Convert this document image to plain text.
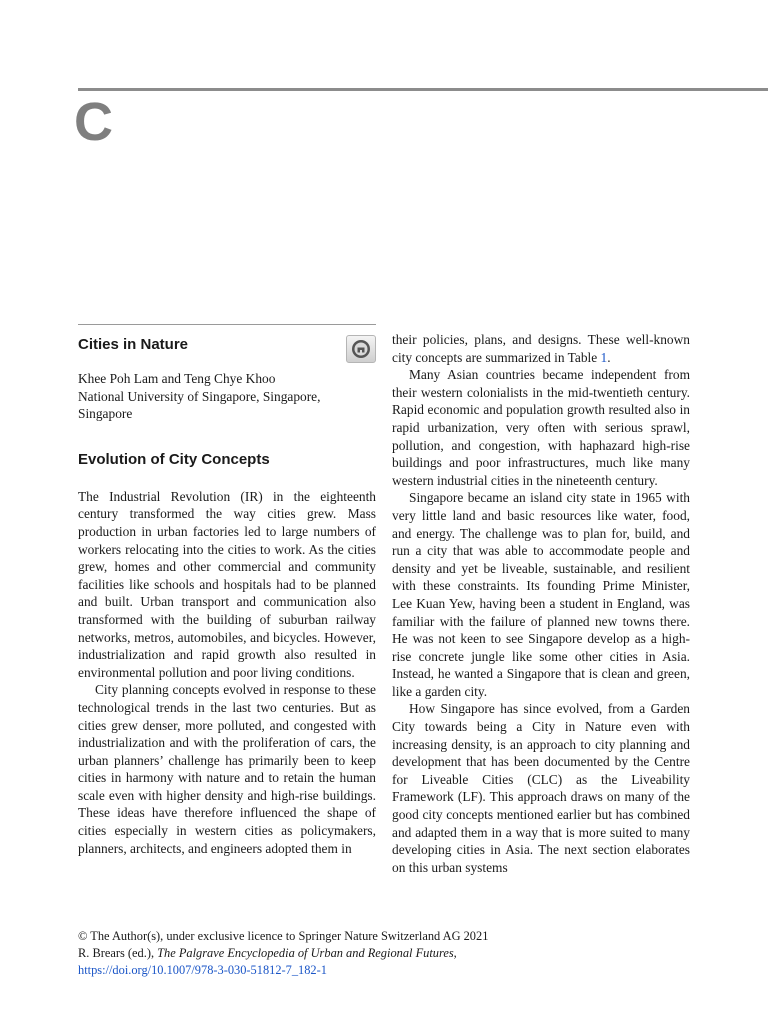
C
Cities in Nature

Khee Poh Lam and Teng Chye Khoo

National University of Singapore, Singapore, Singapore

Evolution of City Concepts

The Industrial Revolution (IR) in the eighteenth century transformed the way cities grew. Mass production in urban factories led to large numbers of workers relocating into the cities to work. As the cities grew, homes and other commercial and community facilities like schools and hospitals had to be planned and built. Urban transport and communication also transformed with the building of suburban railway networks, metros, automobiles, and bicycles. However, industrialization and rapid growth also resulted in environmental pollution and poor living conditions.

City planning concepts evolved in response to these technological trends in the last two centuries. But as cities grew denser, more polluted, and congested with industrialization and with the proliferation of cars, the urban planners’ challenge has primarily been to keep cities in harmony with nature and to retain the human scale even with higher density and high-rise buildings. These ideas have therefore influenced the shape of cities especially in western cities as policymakers, planners, architects, and engineers adopted them in

their policies, plans, and designs. These well-known city concepts are summarized in Table 1.

Many Asian countries became independent from their western colonialists in the mid-twentieth century. Rapid economic and population growth resulted also in rapid urbanization, very often with serious sprawl, pollution, and congestion, with haphazard high-rise buildings and poor infrastructures, much like many western industrial cities in the nineteenth century.

Singapore became an island city state in 1965 with very little land and basic resources like water, food, and energy. The challenge was to plan for, build, and run a city that was able to accommodate people and density and yet be liveable, sustainable, and resilient with these constraints. Its founding Prime Minister, Lee Kuan Yew, having been a student in England, was familiar with the failure of planned new towns there. He was not keen to see Singapore develop as a high-rise concrete jungle like some other cities in Asia. Instead, he wanted a Singapore that is clean and green, like a garden city.

How Singapore has since evolved, from a Garden City towards being a City in Nature even with increasing density, is an approach to city planning and development that has been documented by the Centre for Liveable Cities (CLC) as the Liveability Framework (LF). This approach draws on many of the good city concepts mentioned earlier but has combined and adapted them in a way that is more suited to many developing cities in Asia. The next section elaborates on this urban systems

© The Author(s), under exclusive licence to Springer Nature Switzerland AG 2021

R. Brears (ed.), The Palgrave Encyclopedia of Urban and Regional Futures,

https://doi.org/10.1007/978-3-030-51812-7_182-1
